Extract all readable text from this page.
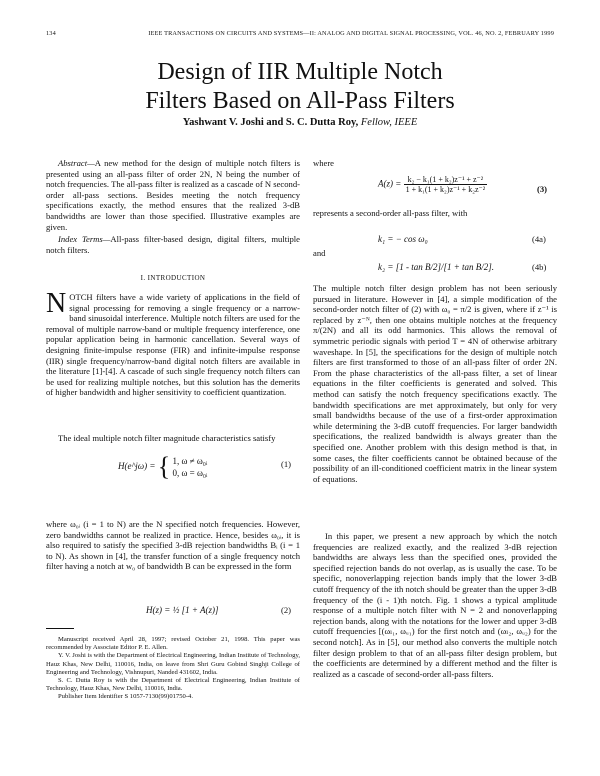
134	IEEE TRANSACTIONS ON CIRCUITS AND SYSTEMS—II: ANALOG AND DIGITAL SIGNAL PROCESSING, VOL. 46, NO. 2, FEBRUARY 1999
Design of IIR Multiple Notch
Filters Based on All-Pass Filters
Yashwant V. Joshi and S. C. Dutta Roy, Fellow, IEEE

Abstract—A new method for the design of multiple notch filters is presented using an all-pass filter of order 2N, N being the number of notch frequencies. The all-pass filter is realized as a cascade of N second-order all-pass sections. Besides meeting the notch frequency specifications exactly, the method ensures that the realized 3-dB bandwidths are lower than those specified. Illustrative examples are given.

Index Terms—All-pass filter-based design, digital filters, multiple notch filters.

I. INTRODUCTION

NOTCH filters have a wide variety of applications in the field of signal processing for removing a single frequency or a narrow-band sinusoidal interference. Multiple notch filters are used for the removal of multiple narrow-band or multiple frequency interference, one popular application being in harmonic cancellation. Several ways of designing finite-impulse response (FIR) and infinite-impulse response (IIR) single frequency/narrow-band digital notch filters are available in the literature [1]-[4]. A cascade of such single frequency notch filters can be used for realizing multiple notches, but this solution has the demerits of higher bandwidth and higher sensitivity to coefficient quantization.

The ideal multiple notch filter magnitude characteristics satisfy

H(e^jω) = { 1, ω ≠ ω₀ᵢ
0, ω = ω₀ᵢ
(1)

where ω₀ᵢ (i = 1 to N) are the N specified notch frequencies. However, zero bandwidths cannot be realized in practice. Hence, besides ω₀ᵢ, it is also required to satisfy the specified 3-dB rejection bandwidths Bᵢ (i = 1 to N). As shown in [4], the transfer function of a single frequency notch filter having a notch at w₀ of bandwidth B can be expressed in the form

H(z) = ½ [1 + A(z)]	(2)

Manuscript received April 28, 1997; revised October 21, 1998. This paper was recommended by Associate Editor P. E. Allen.

Y. V. Joshi is with the Department of Electrical Engineering, Indian Institute of Technology, Hauz Khas, New Delhi, 110016, India, on leave from Shri Guru Gobind Singhji College of Engineering and Technology, Vishnupuri, Nanded 431602, India.

S. C. Dutta Roy is with the Department of Electrical Engineering, Indian Institute of Technology, Hauz Khas, New Delhi, 110016, India.

Publisher Item Identifier S 1057-7130(99)01750-4.

where
$A(z) = \frac{\text{k₂ − k₁(1 + k₂)z⁻¹ + z⁻²}}{\text{1 + k₁(1 + k₂)z⁻¹ + k₂z⁻²}}$	(3)
represents a second-order all-pass filter, with
k₁ = − cos ω₀	(4a)
and
k₂ = [1 - tan B/2]/[1 + tan B/2].	(4b)

The multiple notch filter design problem has not been seriously pursued in literature. However in [4], a simple modification of the second-order notch filter of (2) with ω₀ = π/2 is given, where if z⁻¹ is replaced by z⁻ᴺ, then one obtains multiple notches at the frequency π/(2N) and all its odd harmonics. This allows the removal of symmetric periodic signals with period T = 4N of otherwise arbitrary waveshape. In [5], the specifications for the design of multiple notch filters are first transformed to those of an all-pass filter of order 2N. From the phase characteristics of the all-pass filter, a set of linear equations in the filter coefficients is generated and solved. This method can satisfy the notch frequency specifications exactly. The bandwidth specifications are met approximately, but only for very small bandwidths because of the use of a first-order approximation while determining the 3-dB cutoff frequencies. For larger bandwidth specifications, the realized bandwidth is always greater than the specified one. Another problem with this design method is that, in some cases, the filter coefficients cannot be obtained because of the possibility of an ill-conditioned coefficient matrix in the linear system of equations.

In this paper, we present a new approach by which the notch frequencies are realized exactly, and the realized 3-dB rejection bandwidths are always less than the specified ones, provided the specified rejection bands do not overlap, as is usually the case. To be specific, nonoverlapping rejection bands imply that the lower 3-dB cutoff frequency of the ith notch should be greater than the upper 3-dB frequency of the (i - 1)th notch. Fig. 1 shows a typical amplitude response of a multiple notch filter with N = 2 and nonoverlapping rejection bands, along with the notations for the lower and upper 3-dB cutoff frequencies [(ωₗ₁, ωᵤ₁) for the first notch and (ωₗ₂, ωᵤ₂) for the second notch]. As in [5], our method also converts the multiple notch filter design problem to that of an all-pass filter design problem, but the coefficients are determined by a different method and the filter is realized as a cascade of second-order all-pass filters.
